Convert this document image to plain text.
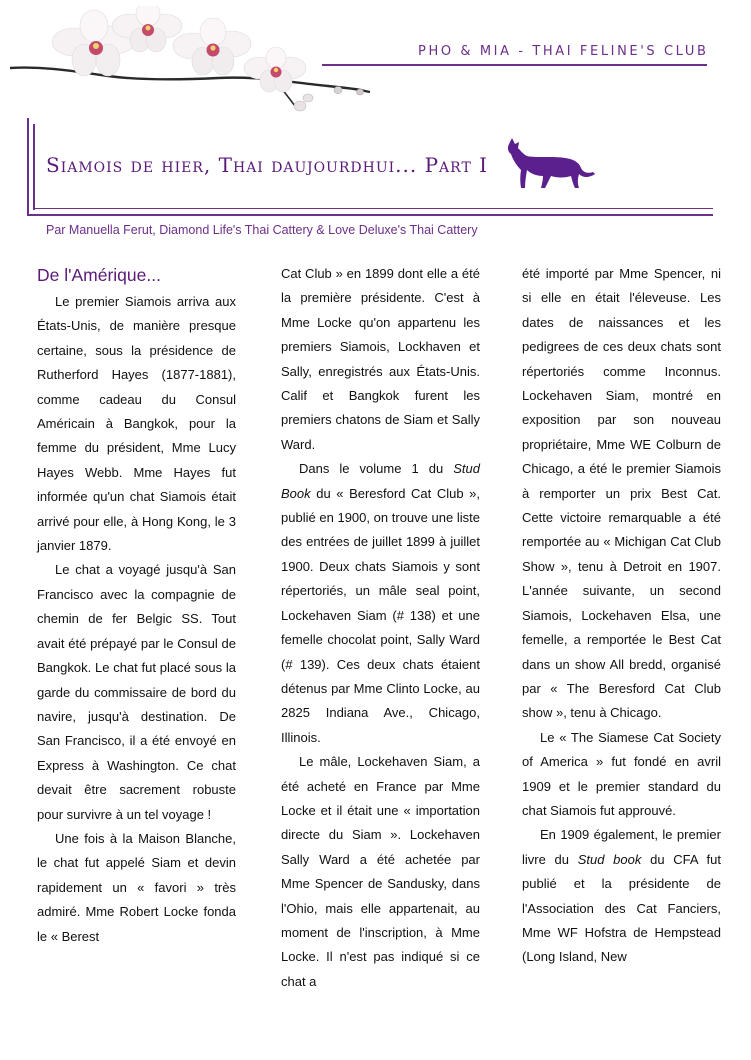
PHO & MIA - THAI FELINE'S CLUB
Siamois de hier, Thai daujourdhui... Part I
Par Manuella Ferut, Diamond Life's Thai Cattery & Love Deluxe's Thai Cattery
De l'Amérique...

Le premier Siamois arriva aux États-Unis, de manière presque certaine, sous la présidence de Rutherford Hayes (1877-1881), comme cadeau du Consul Américain à Bangkok, pour la femme du président, Mme Lucy Hayes Webb. Mme Hayes fut informée qu'un chat Siamois était arrivé pour elle, à Hong Kong, le 3 janvier 1879.

Le chat a voyagé jusqu'à San Francisco avec la compagnie de chemin de fer Belgic SS. Tout avait été prépayé par le Consul de Bangkok. Le chat fut placé sous la garde du commissaire de bord du navire, jusqu'à destination. De San Francisco, il a été envoyé en Express à Washington. Ce chat devait être sacrement robuste pour survivre à un tel voyage !

Une fois à la Maison Blanche, le chat fut appelé Siam et devin rapidement un « favori » très admiré. Mme Robert Locke fonda le « Berest

Cat Club » en 1899 dont elle a été la première présidente. C'est à Mme Locke qu'on appartenu les premiers Siamois, Lockhaven et Sally, enregistrés aux États-Unis. Calif et Bangkok furent les premiers chatons de Siam et Sally Ward.

Dans le volume 1 du Stud Book du « Beresford Cat Club », publié en 1900, on trouve une liste des entrées de juillet 1899 à juillet 1900. Deux chats Siamois y sont répertoriés, un mâle seal point, Lockehaven Siam (# 138) et une femelle chocolat point, Sally Ward (# 139). Ces deux chats étaient détenus par Mme Clinto Locke, au 2825 Indiana Ave., Chicago, Illinois.

Le mâle, Lockehaven Siam, a été acheté en France par Mme Locke et il était une « importation directe du Siam ». Lockehaven Sally Ward a été achetée par Mme Spencer de Sandusky, dans l'Ohio, mais elle appartenait, au moment de l'inscription, à Mme Locke. Il n'est pas indiqué si ce chat a

été importé par Mme Spencer, ni si elle en était l'éleveuse. Les dates de naissances et les pedigrees de ces deux chats sont répertoriés comme Inconnus. Lockehaven Siam, montré en exposition par son nouveau propriétaire, Mme WE Colburn de Chicago, a été le premier Siamois à remporter un prix Best Cat. Cette victoire remarquable a été remportée au « Michigan Cat Club Show », tenu à Detroit en 1907. L'année suivante, un second Siamois, Lockehaven Elsa, une femelle, a remportée le Best Cat dans un show All bredd, organisé par « The Beresford Cat Club show », tenu à Chicago.

Le « The Siamese Cat Society of America » fut fondé en avril 1909 et le premier standard du chat Siamois fut approuvé.

En 1909 également, le premier livre du Stud book du CFA fut publié et la présidente de l'Association des Cat Fanciers, Mme WF Hofstra de Hempstead (Long Island, New
